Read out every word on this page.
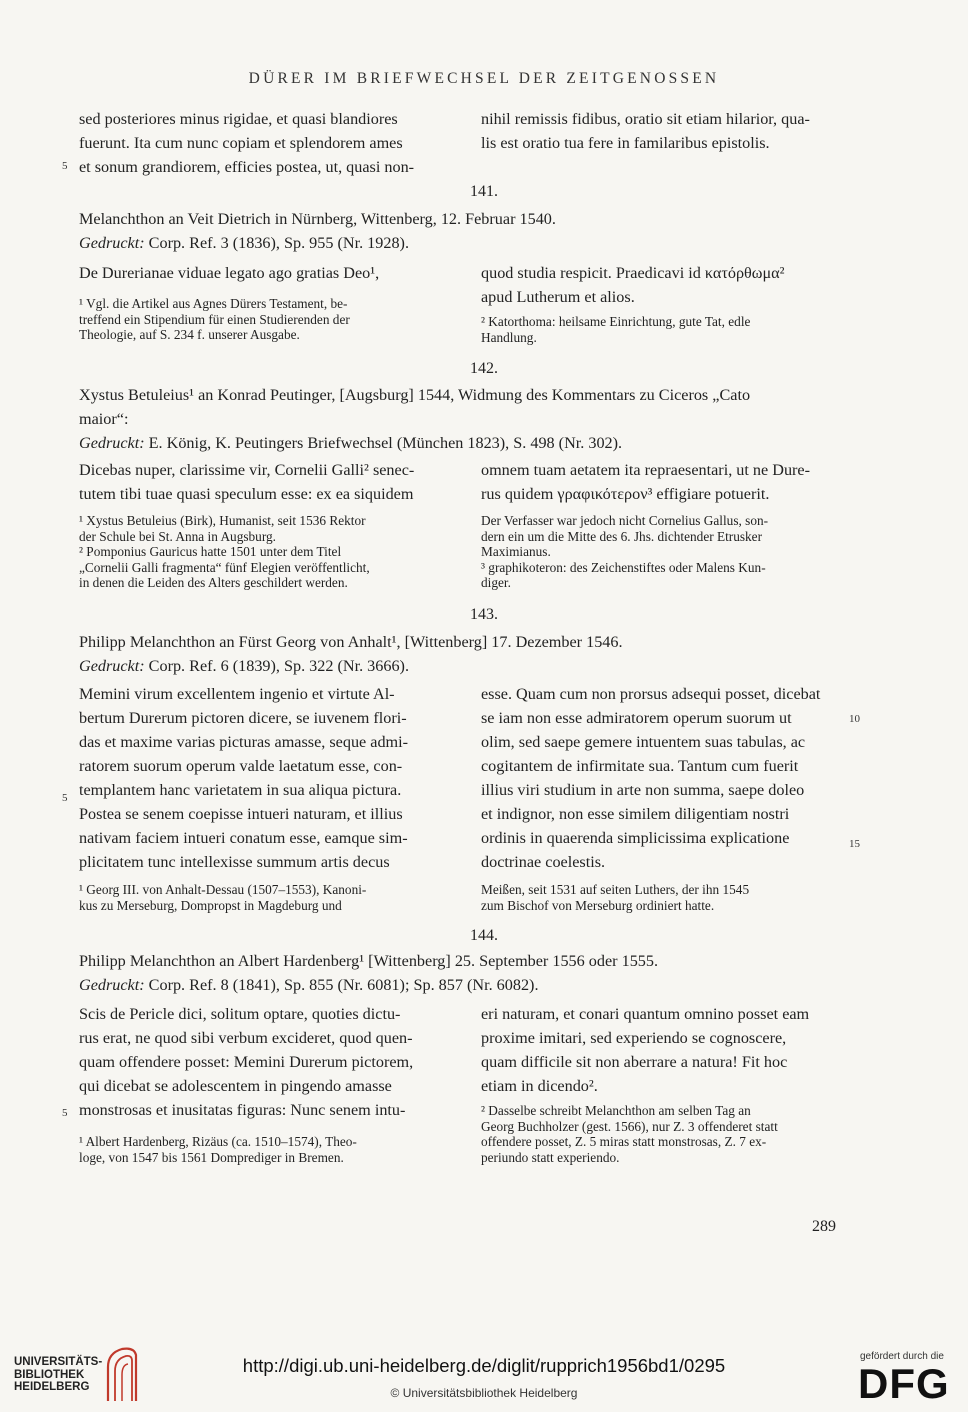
DÜRER IM BRIEFWECHSEL DER ZEITGENOSSEN

sed posteriores minus rigidae, et quasi blandiores

fuerunt. Ita cum nunc copiam et splendorem ames

et sonum grandiorem, efficies postea, ut, quasi non-

nihil remissis fidibus, oratio sit etiam hilarior, qua-

lis est oratio tua fere in familaribus epistolis.

5
141.

Melanchthon an Veit Dietrich in Nürnberg, Wittenberg, 12. Februar 1540.

Gedruckt: Corp. Ref. 3 (1836), Sp. 955 (Nr. 1928).

De Durerianae viduae legato ago gratias Deo¹,	quod studia respicit. Praedicavi id κατόρθωμα²

apud Lutherum et alios.

¹ Vgl. die Artikel aus Agnes Dürers Testament, be-

treffend ein Stipendium für einen Studierenden der

Theologie, auf S. 234 f. unserer Ausgabe.

² Katorthoma: heilsame Einrichtung, gute Tat, edle

Handlung.

142.

Xystus Betuleius¹ an Konrad Peutinger, [Augsburg] 1544, Widmung des Kommentars zu Ciceros „Cato

maior“:

Gedruckt: E. König, K. Peutingers Briefwechsel (München 1823), S. 498 (Nr. 302).

Dicebas nuper, clarissime vir, Cornelii Galli² senec-

tutem tibi tuae quasi speculum esse: ex ea siquidem

omnem tuam aetatem ita repraesentari, ut ne Dure-

rus quidem γραφικότερον³ effigiare potuerit.

¹ Xystus Betuleius (Birk), Humanist, seit 1536 Rektor

der Schule bei St. Anna in Augsburg.

² Pomponius Gauricus hatte 1501 unter dem Titel

„Cornelii Galli fragmenta“ fünf Elegien veröffentlicht,

in denen die Leiden des Alters geschildert werden.

Der Verfasser war jedoch nicht Cornelius Gallus, son-

dern ein um die Mitte des 6. Jhs. dichtender Etrusker

Maximianus.

³ graphikoteron: des Zeichenstiftes oder Malens Kun-

diger.

143.

Philipp Melanchthon an Fürst Georg von Anhalt¹, [Wittenberg] 17. Dezember 1546.

Gedruckt: Corp. Ref. 6 (1839), Sp. 322 (Nr. 3666).

Memini virum excellentem ingenio et virtute Al-

bertum Durerum pictoren dicere, se iuvenem flori-

das et maxime varias picturas amasse, seque admi-

ratorem suorum operum valde laetatum esse, con-

templantem hanc varietatem in sua aliqua pictura.

Postea se senem coepisse intueri naturam, et illius

nativam faciem intueri conatum esse, eamque sim-

plicitatem tunc intellexisse summum artis decus

esse. Quam cum non prorsus adsequi posset, dicebat

se iam non esse admiratorem operum suorum ut

olim, sed saepe gemere intuentem suas tabulas, ac

cogitantem de infirmitate sua. Tantum cum fuerit

illius viri studium in arte non summa, saepe doleo

et indignor, non esse similem diligentiam nostri

ordinis in quaerenda simplicissima explicatione

doctrinae coelestis.

5
10
15

¹ Georg III. von Anhalt-Dessau (1507–1553), Kanoni-

kus zu Merseburg, Dompropst in Magdeburg und

Meißen, seit 1531 auf seiten Luthers, der ihn 1545

zum Bischof von Merseburg ordiniert hatte.

144.

Philipp Melanchthon an Albert Hardenberg¹ [Wittenberg] 25. September 1556 oder 1555.

Gedruckt: Corp. Ref. 8 (1841), Sp. 855 (Nr. 6081); Sp. 857 (Nr. 6082).

Scis de Pericle dici, solitum optare, quoties dictu-

rus erat, ne quod sibi verbum excideret, quod quen-

quam offendere posset: Memini Durerum pictorem,

qui dicebat se adolescentem in pingendo amasse

monstrosas et inusitatas figuras: Nunc senem intu-

eri naturam, et conari quantum omnino posset eam

proxime imitari, sed experiendo se cognoscere,

quam difficile sit non aberrare a natura! Fit hoc

etiam in dicendo².

5

¹ Albert Hardenberg, Rizäus (ca. 1510–1574), Theo-

loge, von 1547 bis 1561 Domprediger in Bremen.

² Dasselbe schreibt Melanchthon am selben Tag an

Georg Buchholzer (gest. 1566), nur Z. 3 offenderet statt

offendere posset, Z. 5 miras statt monstrosas, Z. 7 ex-

periundo statt experiendo.

289

UNIVERSITÄTS-

BIBLIOTHEK

HEIDELBERG

http://digi.ub.uni-heidelberg.de/diglit/rupprich1956bd1/0295
© Universitätsbibliothek Heidelberg
gefördert durch die
DFG
